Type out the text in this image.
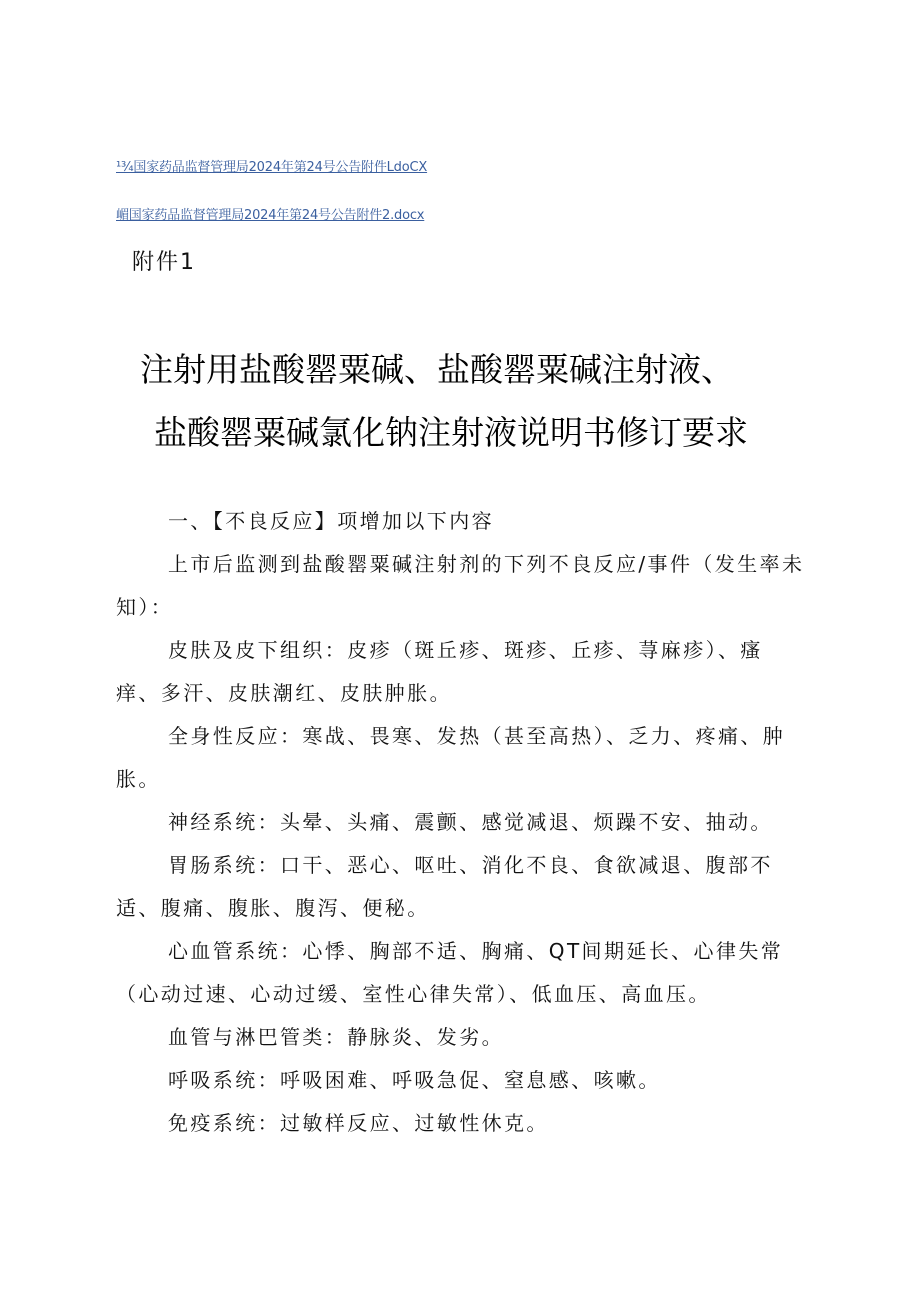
¹¾国家药品监督管理局2024年第24号公告附件LdoCX
嵋国家药品监督管理局2024年第24号公告附件2.docx
附件1
注射用盐酸罂粟碱、盐酸罂粟碱注射液、
盐酸罂粟碱氯化钠注射液说明书修订要求

一、【不良反应】项增加以下内容

上市后监测到盐酸罂粟碱注射剂的下列不良反应/事件（发生率未知）：

皮肤及皮下组织：皮疹（斑丘疹、斑疹、丘疹、荨麻疹）、瘙痒、多汗、皮肤潮红、皮肤肿胀。

全身性反应：寒战、畏寒、发热（甚至高热）、乏力、疼痛、肿胀。

神经系统：头晕、头痛、震颤、感觉减退、烦躁不安、抽动。

胃肠系统：口干、恶心、呕吐、消化不良、食欲减退、腹部不适、腹痛、腹胀、腹泻、便秘。

心血管系统：心悸、胸部不适、胸痛、QT间期延长、心律失常（心动过速、心动过缓、室性心律失常）、低血压、高血压。

血管与淋巴管类：静脉炎、发劣。

呼吸系统：呼吸困难、呼吸急促、窒息感、咳嗽。

免疫系统：过敏样反应、过敏性休克。
